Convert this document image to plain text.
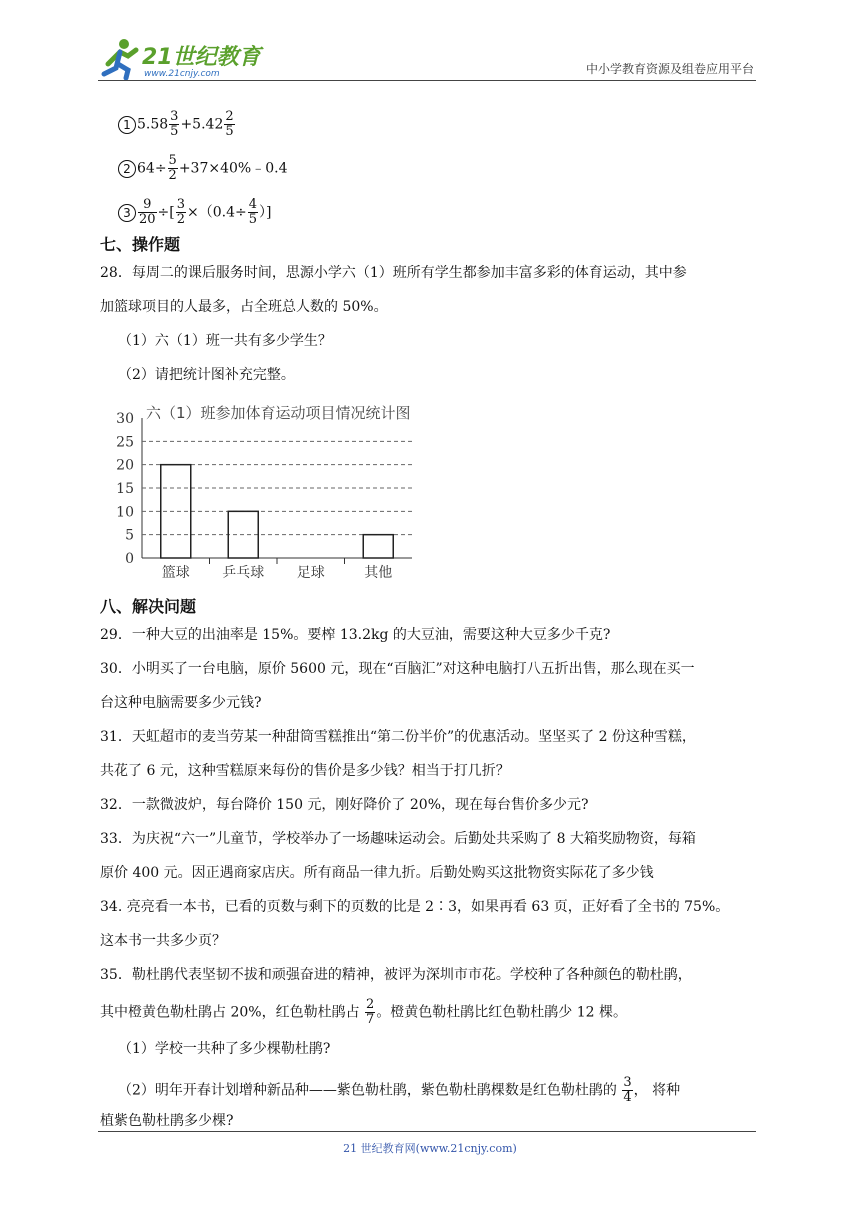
21世纪教育
www.21cnjy.com	中小学教育资源及组卷应用平台
1 $5.58 \frac{3}{5} +5.42 \frac{2}{5}$
2 $64\div \frac{5}{2}$ +37×40%﹣0.4
$3 \frac{9}{20}$ ÷[ $\frac{3}{2} \times(0.4\div \frac{4}{5}$ ）]
七、操作题
28．每周二的课后服务时间，思源小学六（1）班所有学生都参加丰富多彩的体育运动，其中参
加篮球项目的人最多，占全班总人数的 50%。
（1）六（1）班一共有多少学生？
（2）请把统计图补充完整。
六（1）班参加体育运动项目情况统计图
0
5
10
15
20
25
30
篮球 乒乓球 足球	其他
八、解决问题
29．一种大豆的出油率是 15%。要榨 13.2kg 的大豆油，需要这种大豆多少千克?
30．小明买了一台电脑，原价 5600 元，现在“百脑汇”对这种电脑打八五折出售，那么现在买一
台这种电脑需要多少元钱?
31．天虹超市的麦当劳某一种甜筒雪糕推出“第二份半价”的优惠活动。坚坚买了 2 份这种雪糕，
共花了 6 元，这种雪糕原来每份的售价是多少钱？相当于打几折？
32．一款微波炉，每台降价 150 元，刚好降价了 20%，现在每台售价多少元?
33．为庆祝“六一”儿童节，学校举办了一场趣味运动会。后勤处共采购了 8 大箱奖励物资，每箱
原价 400 元。因正遇商家店庆。所有商品一律九折。后勤处购买这批物资实际花了多少钱
34. 亮亮看一本书，已看的页数与剩下的页数的比是 2∶3，如果再看 63 页，正好看了全书的 75%。
这本书一共多少页？
35．勒杜鹃代表坚韧不拔和顽强奋进的精神，被评为深圳市市花。学校种了各种颜色的勒杜鹃，
其中橙黄色勒杜鹃占 20%，红色勒杜鹃占 $\frac{2}{7}$ 。橙黄色勒杜鹃比红色勒杜鹃少 12 棵。
（1）学校一共种了多少棵勒杜鹃?
（2）明年开春计划增种新品种——紫色勒杜鹃，紫色勒杜鹃棵数是红色勒杜鹃的 $\frac{3}{4}$ ， 将种
植紫色勒杜鹃多少棵?
21 世纪教育网(www.21cnjy.com)
